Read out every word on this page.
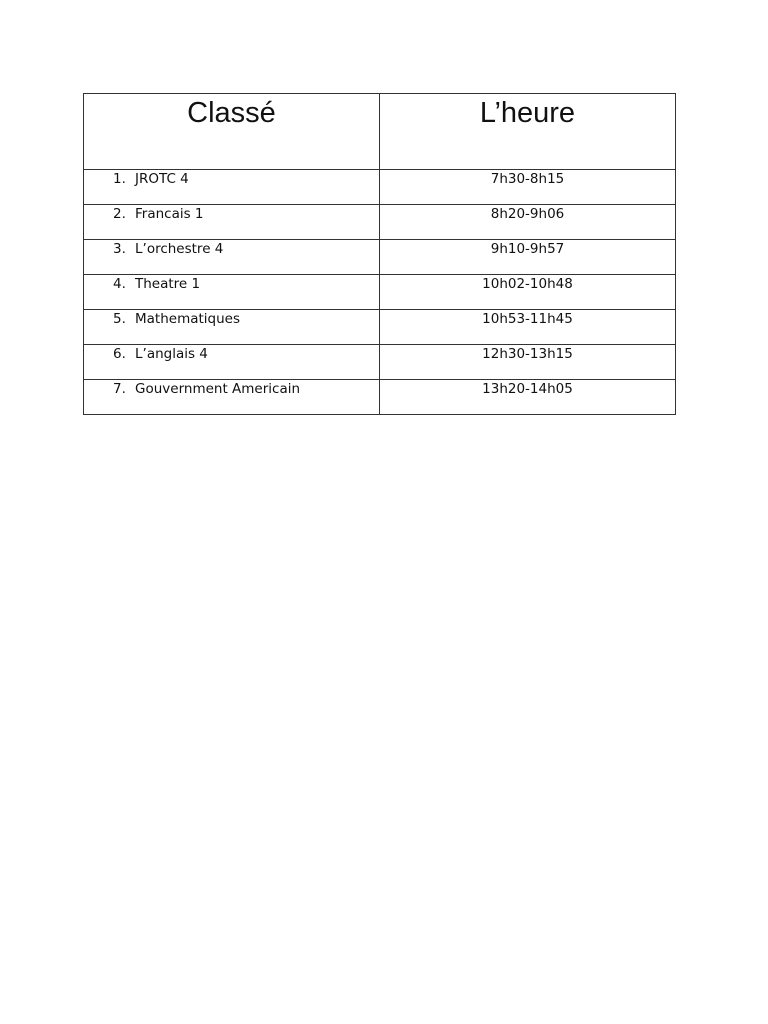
Classé	L’heure
1. JROTC 4	7h30-8h15
2. Francais 1	8h20-9h06
3. L’orchestre 4	9h10-9h57
4. Theatre 1	10h02-10h48
5. Mathematiques	10h53-11h45
6. L’anglais 4	12h30-13h15
7. Gouvernment Americain	13h20-14h05
